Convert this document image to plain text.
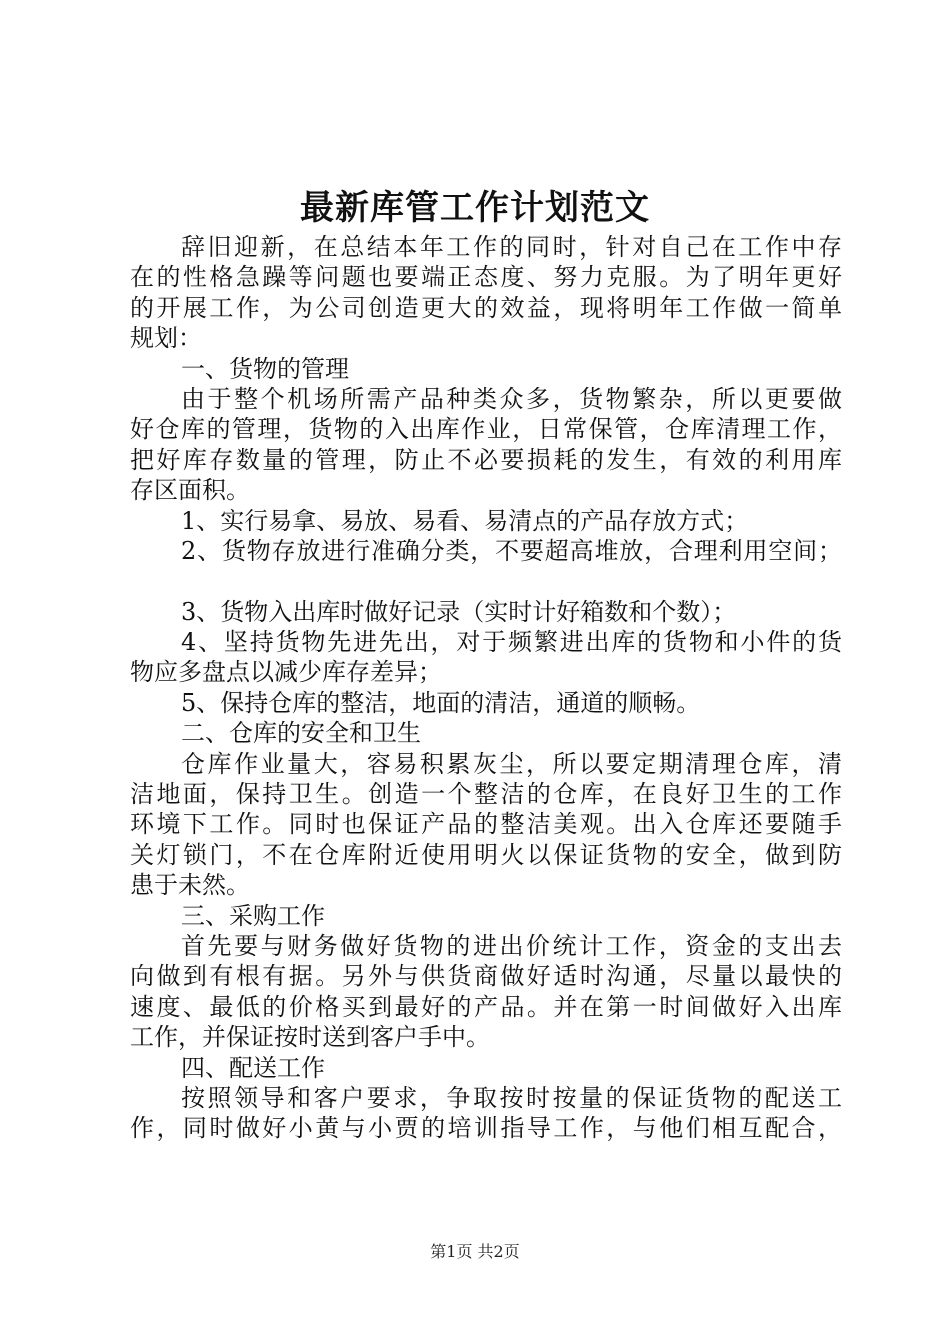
最新库管工作计划范文
辞旧迎新，在总结本年工作的同时，针对自己在工作中存
在的性格急躁等问题也要端正态度、努力克服。为了明年更好
的开展工作，为公司创造更大的效益，现将明年工作做一简单
规划：
一、货物的管理
由于整个机场所需产品种类众多，货物繁杂，所以更要做
好仓库的管理，货物的入出库作业，日常保管，仓库清理工作，
把好库存数量的管理，防止不必要损耗的发生，有效的利用库
存区面积。
1、实行易拿、易放、易看、易清点的产品存放方式；
2、货物存放进行准确分类，不要超高堆放，合理利用空间；
3、货物入出库时做好记录（实时计好箱数和个数）；
4、坚持货物先进先出，对于频繁进出库的货物和小件的货
物应多盘点以减少库存差异；
5、保持仓库的整洁，地面的清洁，通道的顺畅。
二、仓库的安全和卫生
仓库作业量大，容易积累灰尘，所以要定期清理仓库，清
洁地面，保持卫生。创造一个整洁的仓库，在良好卫生的工作
环境下工作。同时也保证产品的整洁美观。出入仓库还要随手
关灯锁门，不在仓库附近使用明火以保证货物的安全，做到防
患于未然。
三、采购工作
首先要与财务做好货物的进出价统计工作，资金的支出去
向做到有根有据。另外与供货商做好适时沟通，尽量以最快的
速度、最低的价格买到最好的产品。并在第一时间做好入出库
工作，并保证按时送到客户手中。
四、配送工作
按照领导和客户要求，争取按时按量的保证货物的配送工
作，同时做好小黄与小贾的培训指导工作，与他们相互配合，
第1页 共2页
